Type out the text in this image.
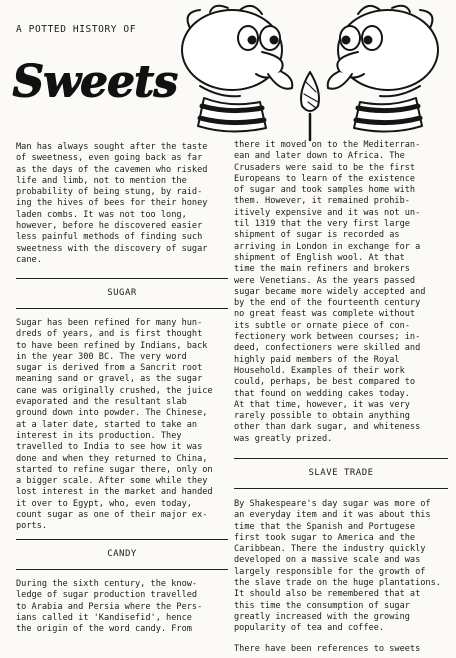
A POTTED HISTORY OF
Sweets

Man has always sought after the taste
of sweetness, even going back as far
as the days of the cavemen who risked
life and limb, not to mention the
probability of being stung, by raid-
ing the hives of bees for their honey
laden combs. It was not too long,
however, before he discovered easier
less painful methods of finding such
sweetness with the discovery of sugar
cane.

SUGAR

Sugar has been refined for many hun-
dreds of years, and is first thought
to have been refined by Indians, back
in the year 300 BC. The very word
sugar is derived from a Sancrit root
meaning sand or gravel, as the sugar
cane was originally crushed, the juice
evaporated and the resultant slab
ground down into powder. The Chinese,
at a later date, started to take an
interest in its production. They
travelled to India to see how it was
done and when they returned to China,
started to refine sugar there, only on
a bigger scale. After some while they
lost interest in the market and handed
it over to Egypt, who, even today,
count sugar as one of their major ex-
ports.

CANDY

During the sixth century, the know-
ledge of sugar production travelled
to Arabia and Persia where the Pers-
ians called it 'Kandisefid', hence
the origin of the word candy. From

there it moved on to the Mediterran-
ean and later down to Africa. The
Crusaders were said to be the first
Europeans to learn of the existence
of sugar and took samples home with
them. However, it remained prohib-
itively expensive and it was not un-
til 1319 that the very first large
shipment of sugar is recorded as
arriving in London in exchange for a
shipment of English wool. At that
time the main refiners and brokers
were Venetians. As the years passed
sugar became more widely accepted and
by the end of the fourteenth century
no great feast was complete without
its subtle or ornate piece of con-
fectionery work between courses; in-
deed, confectioners were skilled and
highly paid members of the Royal
Household. Examples of their work
could, perhaps, be best compared to
that found on wedding cakes today.
At that time, however, it was very
rarely possible to obtain anything
other than dark sugar, and whiteness
was greatly prized.

SLAVE TRADE

By Shakespeare's day sugar was more of
an everyday item and it was about this
time that the Spanish and Portugese
first took sugar to America and the
Caribbean. There the industry quickly
developed on a massive scale and was
largely responsible for the growth of
the slave trade on the huge plantations.
It should also be remembered that at
this time the consumption of sugar
greatly increased with the growing
popularity of tea and coffee.

There have been references to sweets
